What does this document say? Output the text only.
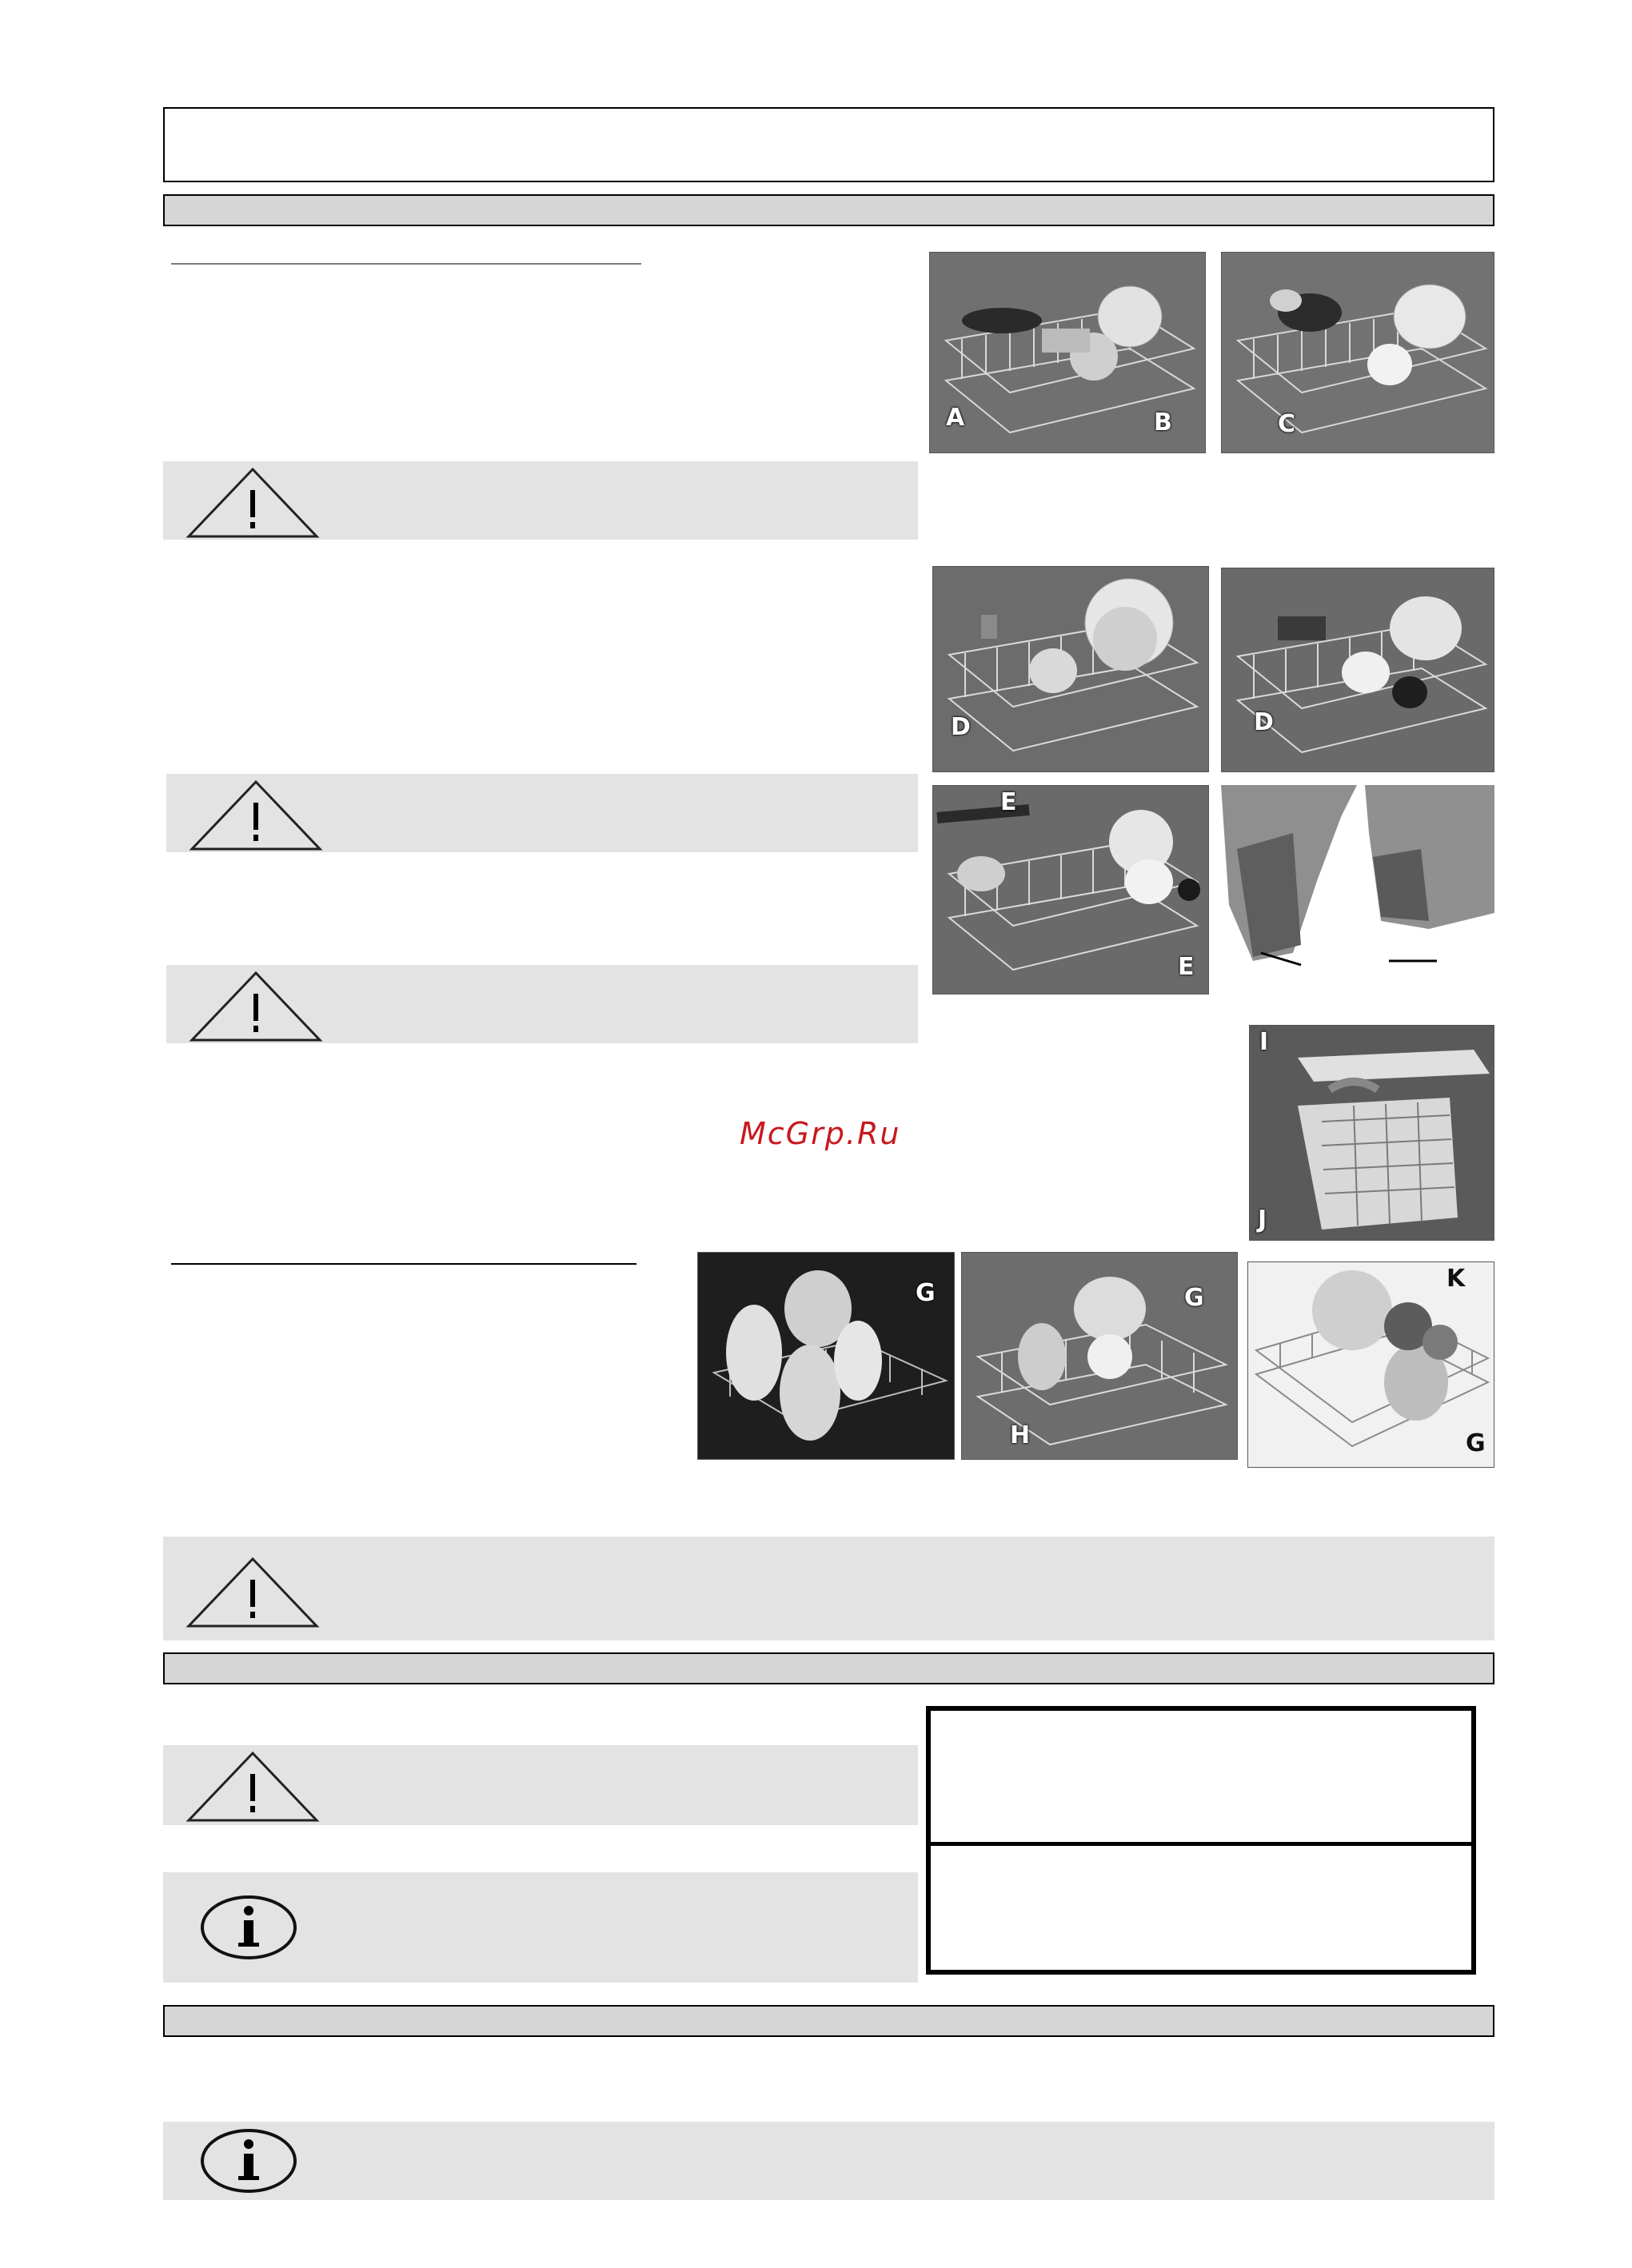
McGrp.Ru
A	B	C
D	D
E
E
I
J
G	G
H
K
G
